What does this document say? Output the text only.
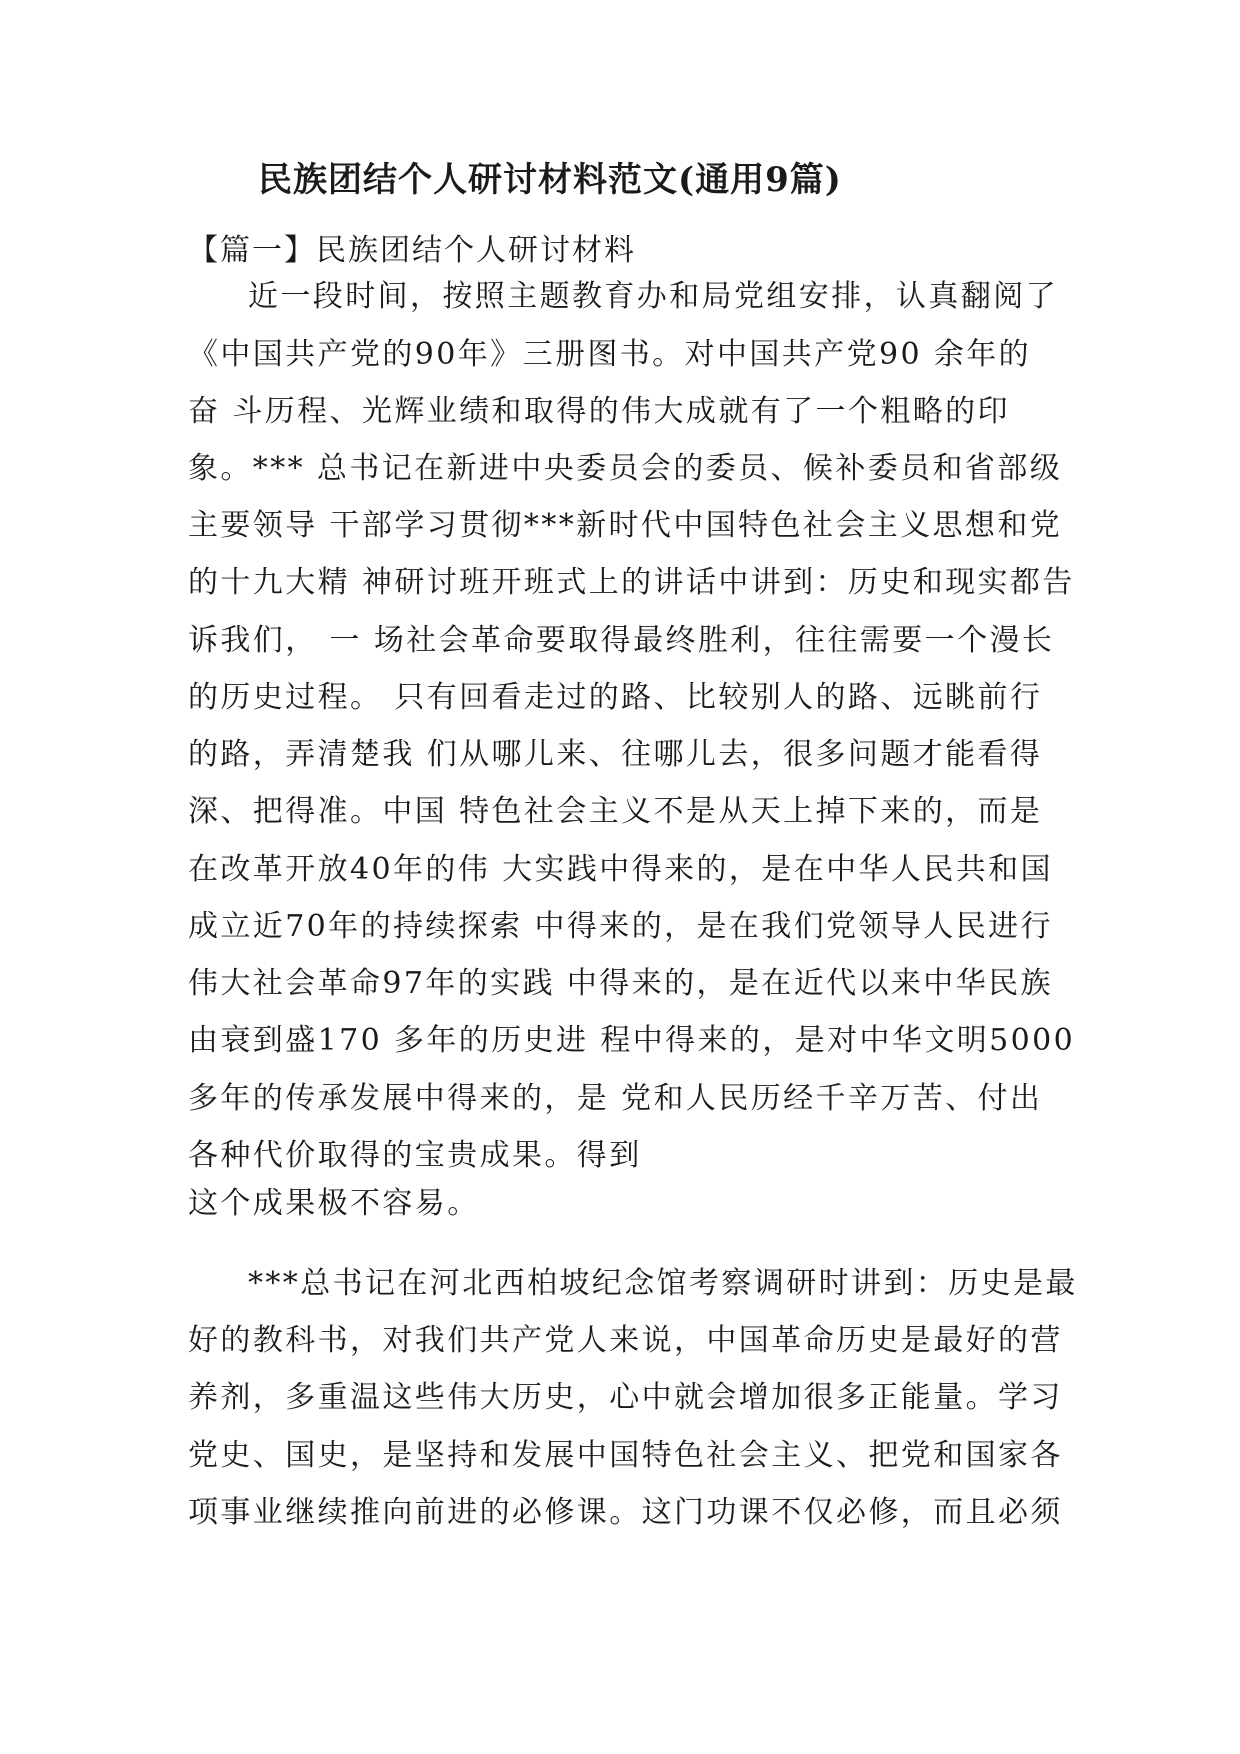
民族团结个人研讨材料范文(通用9篇)
【篇一】民族团结个人研讨材料
近一段时间，按照主题教育办和局党组安排，认真翻阅了
《中国共产党的90年》三册图书。对中国共产党90 余年的
奋 斗历程、光辉业绩和取得的伟大成就有了一个粗略的印
象。*** 总书记在新进中央委员会的委员、候补委员和省部级
主要领导 干部学习贯彻***新时代中国特色社会主义思想和党
的十九大精 神研讨班开班式上的讲话中讲到：历史和现实都告
诉我们， 一 场社会革命要取得最终胜利，往往需要一个漫长
的历史过程。 只有回看走过的路、比较别人的路、远眺前行
的路，弄清楚我 们从哪儿来、往哪儿去，很多问题才能看得
深、把得准。中国 特色社会主义不是从天上掉下来的，而是
在改革开放40年的伟 大实践中得来的，是在中华人民共和国
成立近70年的持续探索 中得来的，是在我们党领导人民进行
伟大社会革命97年的实践 中得来的，是在近代以来中华民族
由衰到盛170 多年的历史进 程中得来的，是对中华文明5000
多年的传承发展中得来的，是 党和人民历经千辛万苦、付出
各种代价取得的宝贵成果。得到
这个成果极不容易。
***总书记在河北西柏坡纪念馆考察调研时讲到：历史是最
好的教科书，对我们共产党人来说，中国革命历史是最好的营
养剂，多重温这些伟大历史，心中就会增加很多正能量。学习
党史、国史，是坚持和发展中国特色社会主义、把党和国家各
项事业继续推向前进的必修课。这门功课不仅必修，而且必须
